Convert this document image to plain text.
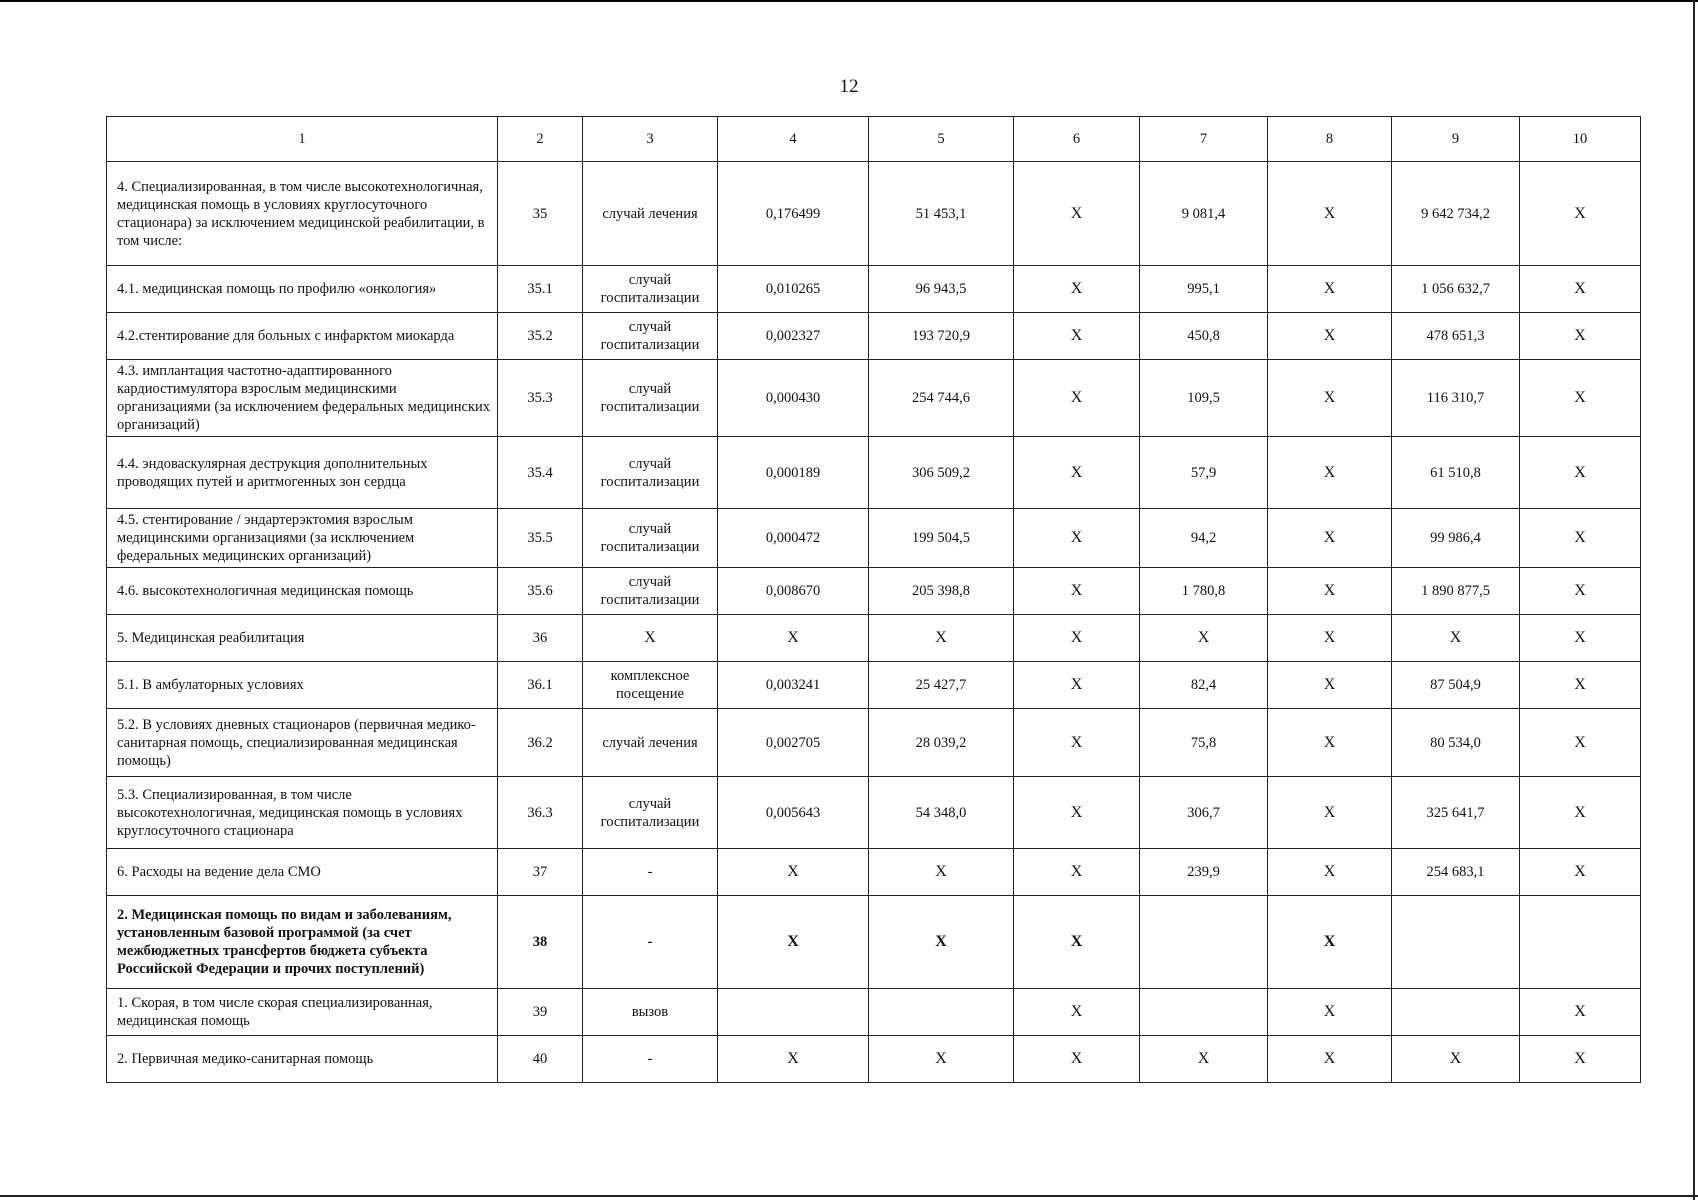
12
1	2	3	4	5	6	7	8	9	10
4. Специализированная, в том числе высокотехнологичная, медицинская помощь в условиях круглосуточного стационара) за исключением медицинской реабилитации, в том числе:	35	случай лечения	0,176499	51 453,1	X	9 081,4	X	9 642 734,2	X
4.1. медицинская помощь по профилю «онкология»	35.1	случай госпитализации	0,010265	96 943,5	X	995,1	X	1 056 632,7	X
4.2.стентирование для больных с инфарктом миокарда	35.2	случай госпитализации	0,002327	193 720,9	X	450,8	X	478 651,3	X
4.3. имплантация частотно-адаптированного кардиостимулятора взрослым медицинскими организациями (за исключением федеральных медицинских организаций)	35.3	случай госпитализации	0,000430	254 744,6	X	109,5	X	116 310,7	X
4.4. эндоваскулярная деструкция дополнительных проводящих путей и аритмогенных зон сердца	35.4	случай госпитализации	0,000189	306 509,2	X	57,9	X	61 510,8	X
4.5. стентирование / эндартерэктомия взрослым медицинскими организациями (за исключением федеральных медицинских организаций)	35.5	случай госпитализации	0,000472	199 504,5	X	94,2	X	99 986,4	X
4.6. высокотехнологичная медицинская помощь	35.6	случай госпитализации	0,008670	205 398,8	X	1 780,8	X	1 890 877,5	X
5. Медицинская реабилитация	36	X	X	X	X	X	X	X	X
5.1. В амбулаторных условиях	36.1	комплексное посещение	0,003241	25 427,7	X	82,4	X	87 504,9	X
5.2. В условиях дневных стационаров (первичная медико-санитарная помощь, специализированная медицинская помощь)	36.2	случай лечения	0,002705	28 039,2	X	75,8	X	80 534,0	X
5.3. Специализированная, в том числе высокотехнологичная, медицинская помощь в условиях круглосуточного стационара	36.3	случай госпитализации	0,005643	54 348,0	X	306,7	X	325 641,7	X
6. Расходы на ведение дела СМО	37	-	X	X	X	239,9	X	254 683,1	X
2. Медицинская помощь по видам и заболеваниям, установленным базовой программой (за счет межбюджетных трансфертов бюджета субъекта Российской Федерации и прочих поступлений)	38	-	X	X	X		X		
1. Скорая, в том числе скорая специализированная, медицинская помощь	39	вызов			X		X		X
2. Первичная медико-санитарная помощь	40	-	X	X	X	X	X	X	X
